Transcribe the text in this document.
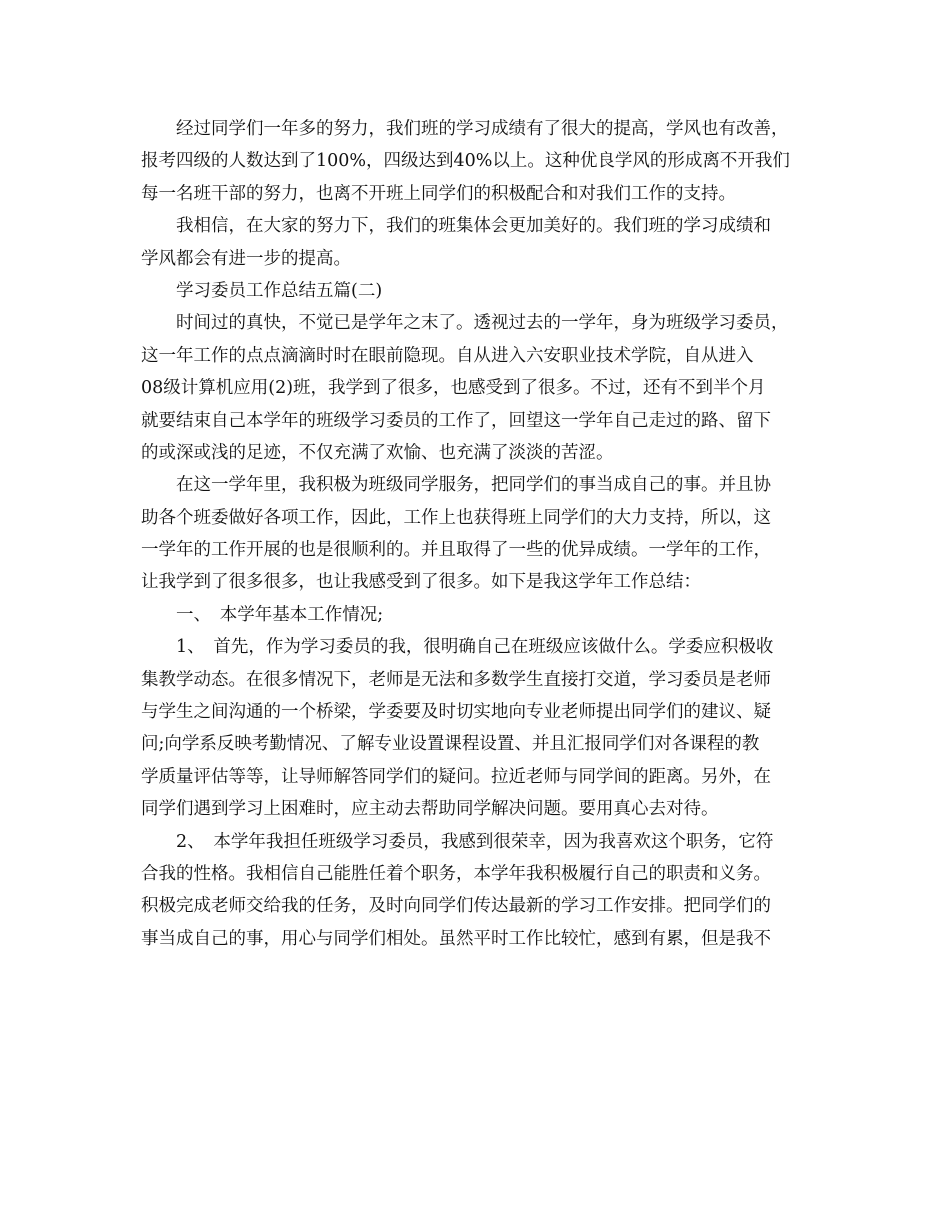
　　经过同学们一年多的努力，我们班的学习成绩有了很大的提高，学风也有改善，
报考四级的人数达到了100%，四级达到40%以上。这种优良学风的形成离不开我们
每一名班干部的努力，也离不开班上同学们的积极配合和对我们工作的支持。
　　我相信，在大家的努力下，我们的班集体会更加美好的。我们班的学习成绩和
学风都会有进一步的提高。
　　学习委员工作总结五篇(二)
　　时间过的真快，不觉已是学年之末了。透视过去的一学年，身为班级学习委员，
这一年工作的点点滴滴时时在眼前隐现。自从进入六安职业技术学院，自从进入
08级计算机应用(2)班，我学到了很多，也感受到了很多。不过，还有不到半个月
就要结束自己本学年的班级学习委员的工作了，回望这一学年自己走过的路、留下
的或深或浅的足迹，不仅充满了欢愉、也充满了淡淡的苦涩。
　　在这一学年里，我积极为班级同学服务，把同学们的事当成自己的事。并且协
助各个班委做好各项工作，因此，工作上也获得班上同学们的大力支持，所以，这
一学年的工作开展的也是很顺利的。并且取得了一些的优异成绩。一学年的工作，
让我学到了很多很多，也让我感受到了很多。如下是我这学年工作总结：
　　一、　本学年基本工作情况;
　　1、　首先，作为学习委员的我，很明确自己在班级应该做什么。学委应积极收
集教学动态。在很多情况下，老师是无法和多数学生直接打交道，学习委员是老师
与学生之间沟通的一个桥梁，学委要及时切实地向专业老师提出同学们的建议、疑
问;向学系反映考勤情况、了解专业设置课程设置、并且汇报同学们对各课程的教
学质量评估等等，让导师解答同学们的疑问。拉近老师与同学间的距离。另外，在
同学们遇到学习上困难时，应主动去帮助同学解决问题。要用真心去对待。
　　2、　本学年我担任班级学习委员，我感到很荣幸，因为我喜欢这个职务，它符
合我的性格。我相信自己能胜任着个职务，本学年我积极履行自己的职责和义务。
积极完成老师交给我的任务，及时向同学们传达最新的学习工作安排。把同学们的
事当成自己的事，用心与同学们相处。虽然平时工作比较忙，感到有累，但是我不
